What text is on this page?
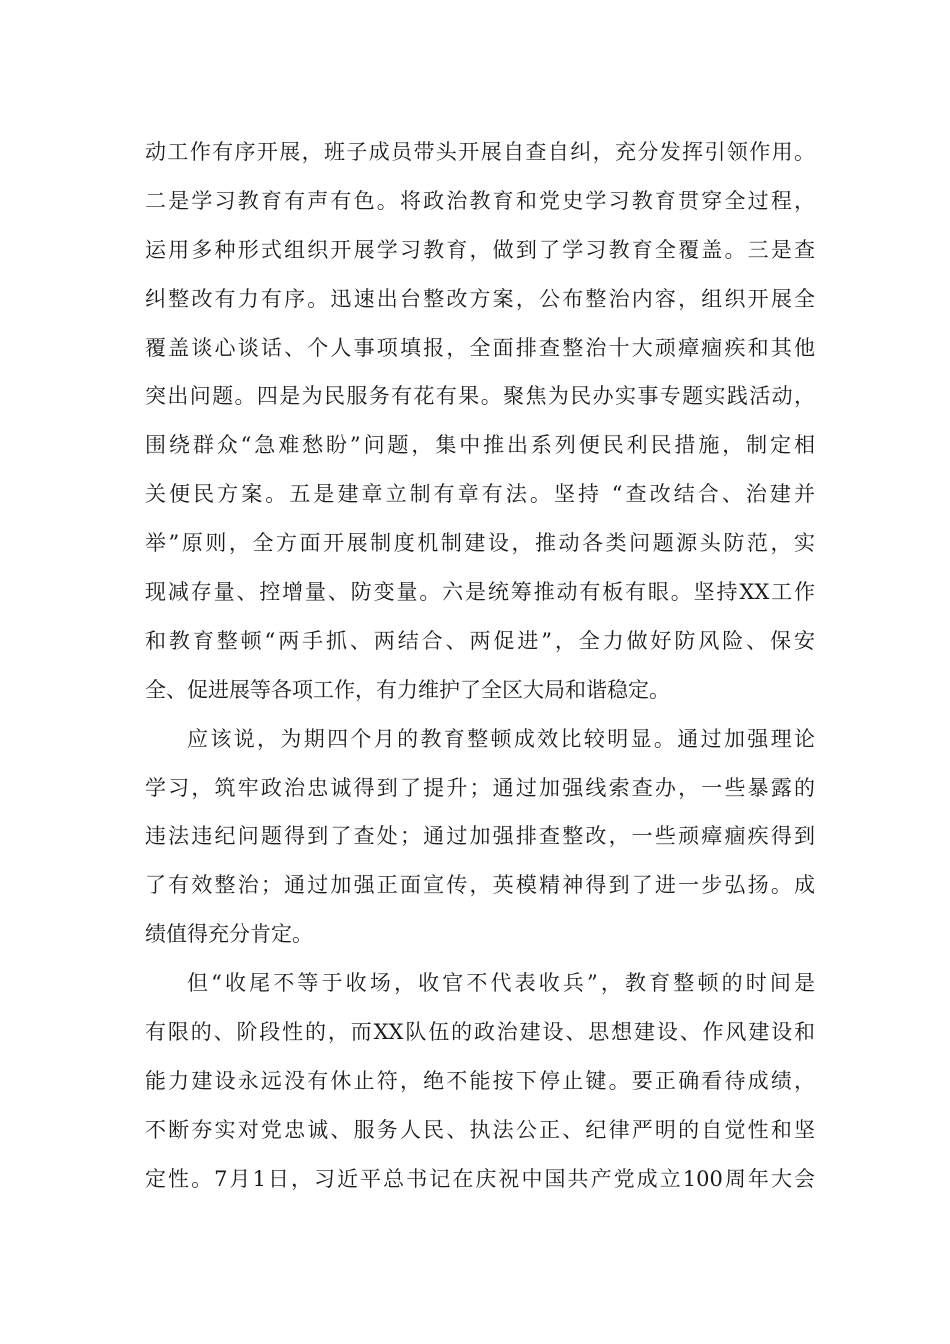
动工作有序开展，班子成员带头开展自查自纠，充分发挥引领作用。
二是学习教育有声有色。将政治教育和党史学习教育贯穿全过程，
运用多种形式组织开展学习教育，做到了学习教育全覆盖。三是查
纠整改有力有序。迅速出台整改方案，公布整治内容，组织开展全
覆盖谈心谈话、个人事项填报，全面排查整治十大顽瘴痼疾和其他
突出问题。四是为民服务有花有果。聚焦为民办实事专题实践活动，
围绕群众“急难愁盼”问题，集中推出系列便民利民措施，制定相
关便民方案。五是建章立制有章有法。坚持 “查改结合、治建并
举”原则，全方面开展制度机制建设，推动各类问题源头防范，实
现减存量、控增量、防变量。六是统筹推动有板有眼。坚持XX工作
和教育整顿“两手抓、两结合、两促进”，全力做好防风险、保安
全、促进展等各项工作，有力维护了全区大局和谐稳定。
应该说，为期四个月的教育整顿成效比较明显。通过加强理论
学习，筑牢政治忠诚得到了提升；通过加强线索查办，一些暴露的
违法违纪问题得到了查处；通过加强排查整改，一些顽瘴痼疾得到
了有效整治；通过加强正面宣传，英模精神得到了进一步弘扬。成
绩值得充分肯定。
但“收尾不等于收场，收官不代表收兵”，教育整顿的时间是
有限的、阶段性的，而XX队伍的政治建设、思想建设、作风建设和
能力建设永远没有休止符，绝不能按下停止键。要正确看待成绩，
不断夯实对党忠诚、服务人民、执法公正、纪律严明的自觉性和坚
定性。7月1日，习近平总书记在庆祝中国共产党成立100周年大会
